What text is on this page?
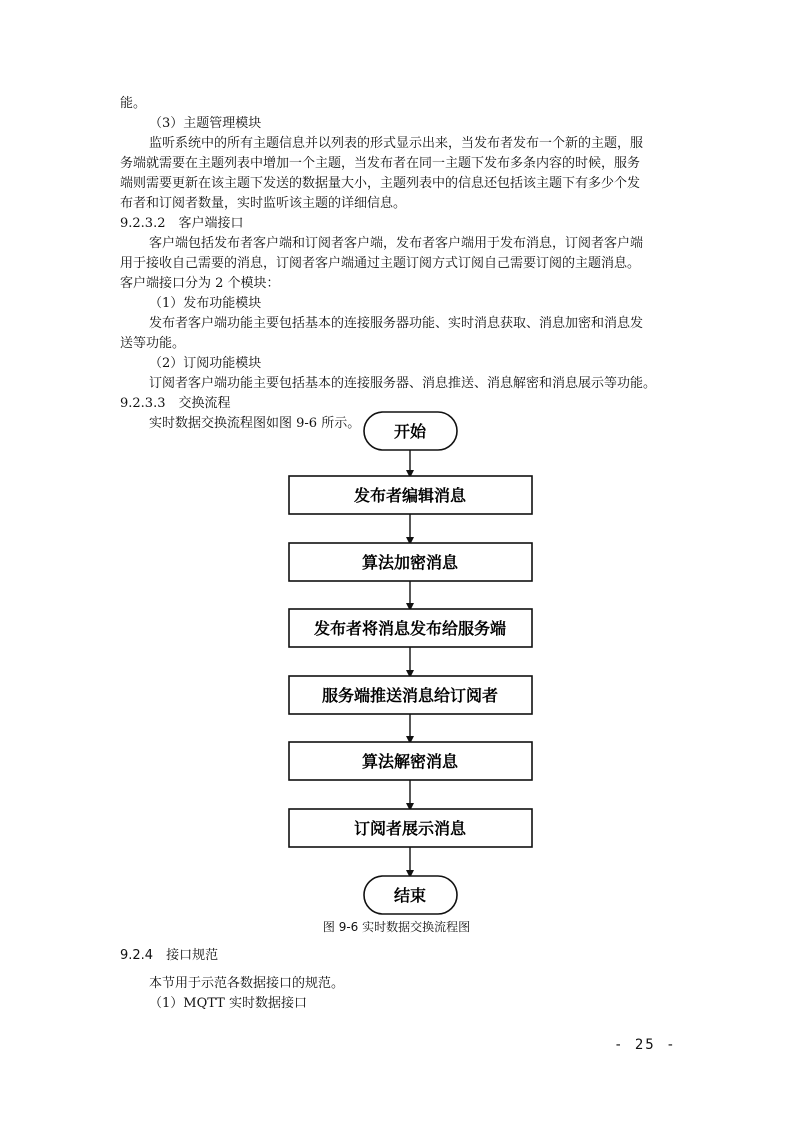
能。
（3）主题管理模块
监听系统中的所有主题信息并以列表的形式显示出来，当发布者发布一个新的主题，服
务端就需要在主题列表中增加一个主题，当发布者在同一主题下发布多条内容的时候，服务
端则需要更新在该主题下发送的数据量大小，主题列表中的信息还包括该主题下有多少个发
布者和订阅者数量，实时监听该主题的详细信息。
9.2.3.2　客户端接口
客户端包括发布者客户端和订阅者客户端，发布者客户端用于发布消息，订阅者客户端
用于接收自己需要的消息，订阅者客户端通过主题订阅方式订阅自己需要订阅的主题消息。
客户端接口分为 2 个模块：
（1）发布功能模块
发布者客户端功能主要包括基本的连接服务器功能、实时消息获取、消息加密和消息发
送等功能。
（2）订阅功能模块
订阅者客户端功能主要包括基本的连接服务器、消息推送、消息解密和消息展示等功能。
9.2.3.3　交换流程
实时数据交换流程图如图 9-6 所示。 开始
发布者编辑消息
算法加密消息
发布者将消息发布给服务端
服务端推送消息给订阅者
算法解密消息
订阅者展示消息
结束
图 9-6 实时数据交换流程图
9.2.4　接口规范
本节用于示范各数据接口的规范。
（1）MQTT 实时数据接口
- 25 -
